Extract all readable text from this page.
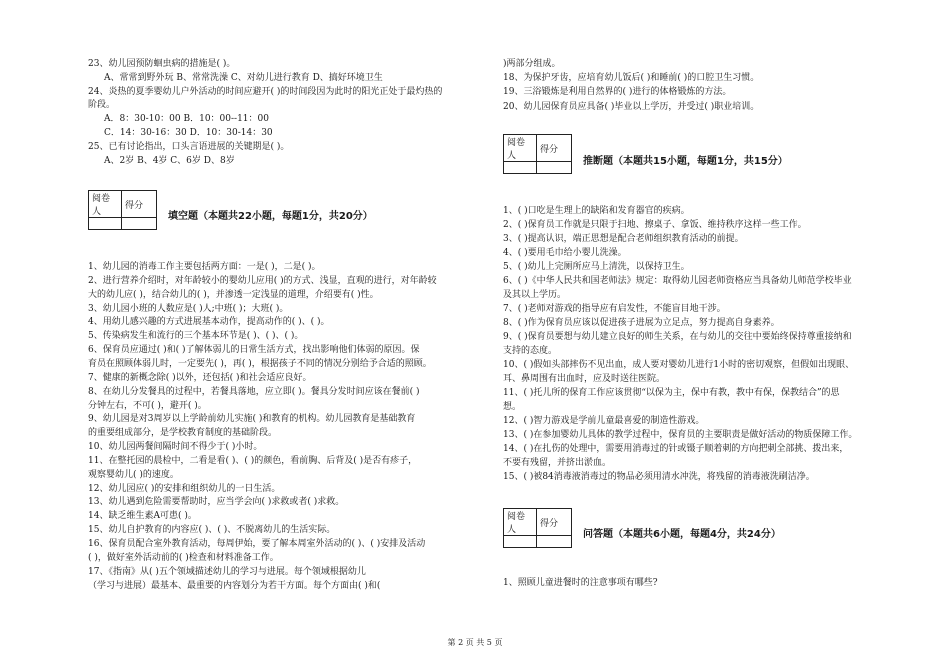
23、幼儿园预防蛔虫病的措施是( )。
A、常常到野外玩 B、常常洗澡 C、对幼儿进行教育 D、搞好环境卫生
24、炎热的夏季婴幼儿户外活动的时间应避开( )的时间段因为此时的阳光正处于最灼热的
阶段。
A．8：30-10：00 B．10：00--11：00
C．14：30-16：30 D．10：30-14：30
25、已有讨论指出，口头言语进展的关键期是( )。
A、2岁 B、4岁 C、6岁 D、8岁
阅卷人	得分

填空题（本题共22小题，每题1分，共20分）
1、幼儿园的消毒工作主要包括两方面：一是( )，二是( )。
2、进行营养介绍时，对年龄较小的婴幼儿应用( )的方式、浅显，直观的进行，对年龄较
大的幼儿应( )，结合幼儿的( )，并渗透一定浅显的道理，介绍要有( )性。
3、幼儿园小班的人数应是( )人;中班( )；大班( )。
4、用幼儿感兴趣的方式进展基本动作，提高动作的( )、( )。
5、传染病发生和流行的三个基本环节是( )、( )、( )。
6、保育员应通过( )和( )了解体弱儿的日常生活方式，找出影响他们体弱的原因。保
育员在照顾体弱儿时，一定要先( )，再( )，根据孩子不同的情况分别给予合适的照顾。
7、健康的新概念除( )以外，还包括( )和社会适应良好。
8、在幼儿分发餐具的过程中，若餐具落地，应立即( )。餐具分发时间应该在餐前( )
分钟左右，不可( )，避开( )。
9、幼儿园是对3周岁以上学龄前幼儿实施( )和教育的机构。幼儿园教育是基础教育
的重要组成部分，是学校教育制度的基础阶段。
10、幼儿园两餐间隔时间不得少于( )小时。
11、在整托园的晨检中，二看是看( )、( )的颜色，看前胸、后背及( )是否有疹子，
观察婴幼儿( )的速度。
12、幼儿园应( )的安排和组织幼儿的一日生活。
13、幼儿遇到危险需要帮助时，应当学会向( )求救或者( )求救。
14、缺乏维生素A可患( )。
15、幼儿自护教育的内容应( )、( )、不脱离幼儿的生活实际。
16、保育员配合室外教育活动，每周伊始，要了解本周室外活动的( )、( )安排及活动
( )，做好室外活动前的( )检查和材料准备工作。
17、《指南》从( )五个领域描述幼儿的学习与进展。每个领域根据幼儿
（学习与进展）最基本、最重要的内容划分为若干方面。每个方面由( )和(
)两部分组成。
18、为保护牙齿，应培育幼儿饭后( )和睡前( )的口腔卫生习惯。
19、三浴锻炼是利用自然界的( )进行的体格锻炼的方法。
20、幼儿园保育员应具备( )毕业以上学历，并受过( )职业培训。
阅卷人	得分

推断题（本题共15小题，每题1分，共15分）
1、( )口吃是生理上的缺陷和发育器官的疾病。
2、( )保育员工作就是只限于扫地、擦桌子、拿饭、维持秩序这样一些工作。
3、( )提高认识，端正思想是配合老师组织教育活动的前提。
4、( )要用毛巾给小婴儿洗澡。
5、( )幼儿上完厕所应马上清洗，以保持卫生。
6、( )《中华人民共和国老师法》规定：取得幼儿园老师资格应当具备幼儿师范学校毕业
及其以上学历。
7、( )老师对游戏的指导应有启发性，不能盲目地干涉。
8、( )作为保育员应该以促进孩子进展为立足点，努力提高自身素养。
9、( )保育员要想与幼儿建立良好的师生关系，在与幼儿的交往中要始终保持尊重接纳和
支持的态度。
10、( )假如头部摔伤不见出血，成人要对婴幼儿进行1小时的密切观察，但假如出现眼、
耳、鼻周围有出血时，应及时送往医院。
11、( )托儿所的保育工作应该贯彻“以保为主，保中有教，教中有保，保教结合”的思
想。
12、( )智力游戏是学前儿童最喜爱的制造性游戏。
13、( )在参加婴幼儿具体的教学过程中，保育员的主要职责是做好活动的物质保障工作。
14、( )在扎伤的处理中，需要用消毒过的针或镊子顺着刺的方向把刺全部挑、拨出来，
不要有残留，并挤出淤血。
15、( )被84消毒液消毒过的物品必须用清水冲洗，将残留的消毒液洗刷洁净。
阅卷人	得分

问答题（本题共6小题，每题4分，共24分）
1、照顾儿童进餐时的注意事项有哪些?
第 2 页 共 5 页
